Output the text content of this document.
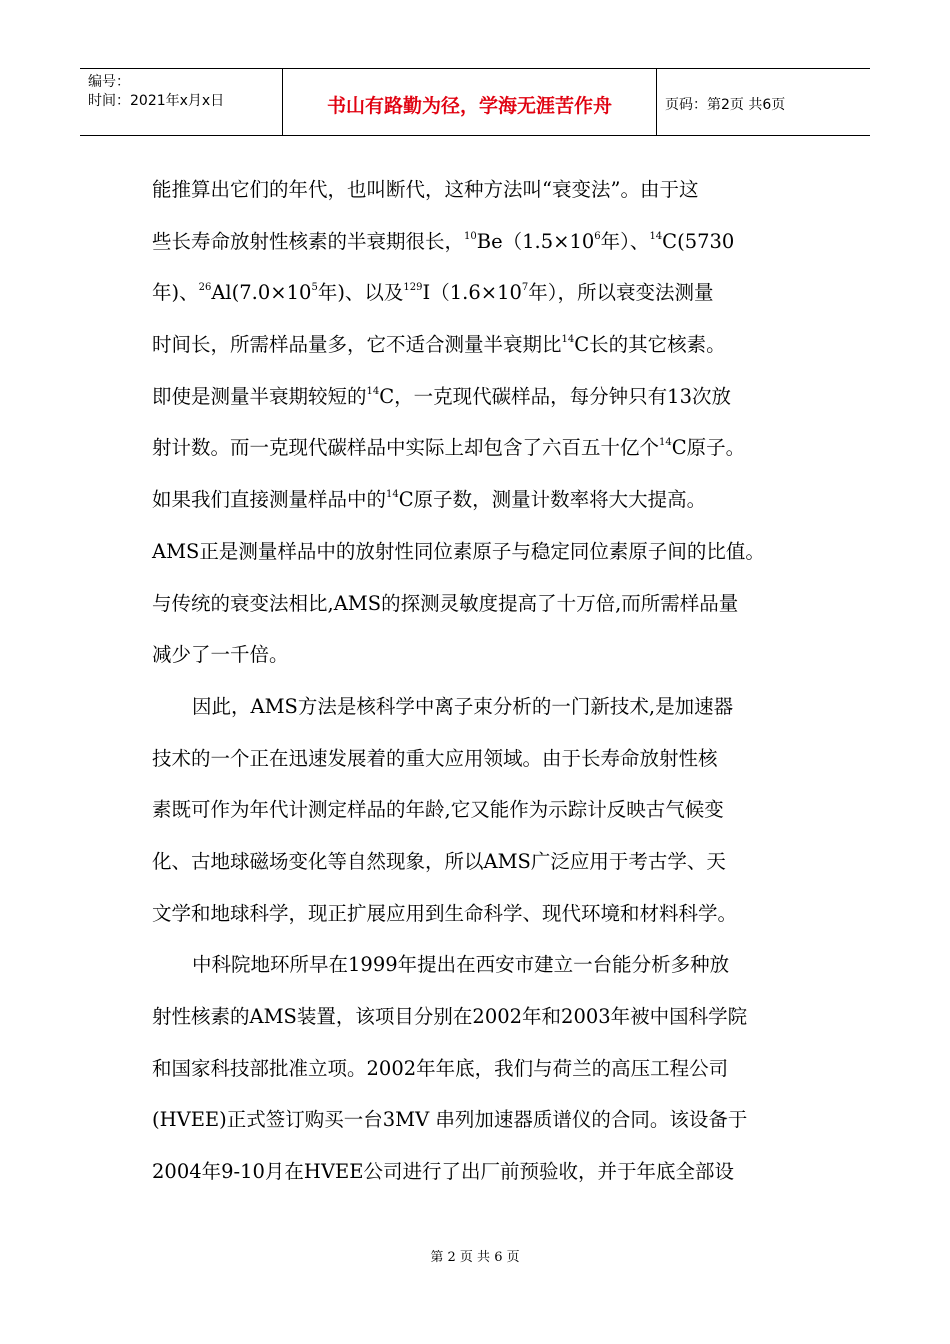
编号：
时间：2021年x月x日	书山有路勤为径，学海无涯苦作舟	页码：第2页 共6页
能推算出它们的年代，也叫断代，这种方法叫“衰变法”。由于这
些长寿命放射性核素的半衰期很长，$^{10}Be(1.5\times 10^6$年）、$^{14}$C(5730
年)、$^{26}Al(7.0\times 10^5$年)、以及$^{129}I(1.6\times 10^7$年），所以衰变法测量
时间长，所需样品量多，它不适合测量半衰期比$^{14}$C长的其它核素。
即使是测量半衰期较短的$^{14}$C，一克现代碳样品，每分钟只有13次放
射计数。而一克现代碳样品中实际上却包含了六百五十亿个$^{14}$C原子。
如果我们直接测量样品中的$^{14}$C原子数，测量计数率将大大提高。
AMS正是测量样品中的放射性同位素原子与稳定同位素原子间的比值。
与传统的衰变法相比,AMS的探测灵敏度提高了十万倍,而所需样品量
减少了一千倍。
因此，AMS方法是核科学中离子束分析的一门新技术,是加速器
技术的一个正在迅速发展着的重大应用领域。由于长寿命放射性核
素既可作为年代计测定样品的年龄,它又能作为示踪计反映古气候变
化、古地球磁场变化等自然现象，所以AMS广泛应用于考古学、天
文学和地球科学，现正扩展应用到生命科学、现代环境和材料科学。
中科院地环所早在1999年提出在西安市建立一台能分析多种放
射性核素的AMS装置，该项目分别在2002年和2003年被中国科学院
和国家科技部批准立项。2002年年底，我们与荷兰的高压工程公司
(HVEE)正式签订购买一台3MV 串列加速器质谱仪的合同。该设备于
2004年9-10月在HVEE公司进行了出厂前预验收，并于年底全部设
第 2 页 共 6 页
